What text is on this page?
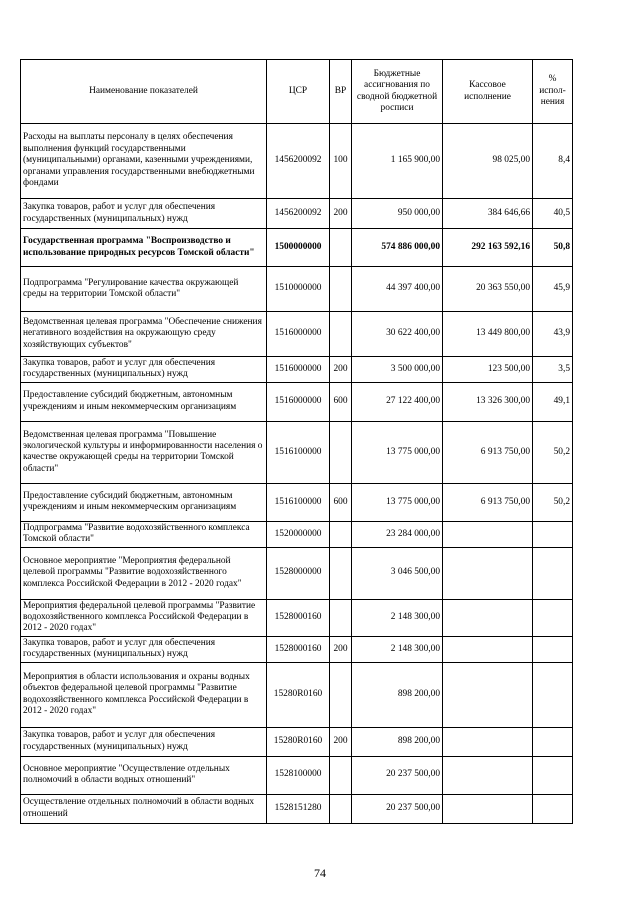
Наименование показателей	ЦСР	ВР	Бюджетные ассигнования по сводной бюджетной росписи	Кассовое исполнение	% испол-нения
Расходы на выплаты персоналу в целях обеспечения выполнения функций государственными (муниципальными) органами, казенными учреждениями, органами управления государственными внебюджетными фондами	1456200092	100	1 165 900,00	98 025,00	8,4
Закупка товаров, работ и услуг для обеспечения государственных (муниципальных) нужд	1456200092	200	950 000,00	384 646,66	40,5
Государственная программа "Воспроизводство и использование природных ресурсов Томской области"	1500000000		574 886 000,00	292 163 592,16	50,8
Подпрограмма "Регулирование качества окружающей среды на территории Томской области"	1510000000		44 397 400,00	20 363 550,00	45,9
Ведомственная целевая программа "Обеспечение снижения негативного воздействия на окружающую среду хозяйствующих субъектов"	1516000000		30 622 400,00	13 449 800,00	43,9
Закупка товаров, работ и услуг для обеспечения государственных (муниципальных) нужд	1516000000	200	3 500 000,00	123 500,00	3,5
Предоставление субсидий бюджетным, автономным учреждениям и иным некоммерческим организациям	1516000000	600	27 122 400,00	13 326 300,00	49,1
Ведомственная целевая программа "Повышение экологической культуры и информированности населения о качестве окружающей среды на территории Томской области"	1516100000		13 775 000,00	6 913 750,00	50,2
Предоставление субсидий бюджетным, автономным учреждениям и иным некоммерческим организациям	1516100000	600	13 775 000,00	6 913 750,00	50,2
Подпрограмма "Развитие водохозяйственного комплекса Томской области"	1520000000		23 284 000,00		
Основное мероприятие "Мероприятия федеральной целевой программы "Развитие водохозяйственного комплекса Российской Федерации в 2012 - 2020 годах"	1528000000		3 046 500,00		
Мероприятия федеральной целевой программы "Развитие водохозяйственного комплекса Российской Федерации в 2012 - 2020 годах"	1528000160		2 148 300,00		
Закупка товаров, работ и услуг для обеспечения государственных (муниципальных) нужд	1528000160	200	2 148 300,00		
Мероприятия в области использования и охраны водных объектов федеральной целевой программы "Развитие водохозяйственного комплекса Российской Федерации в 2012 - 2020 годах"	15280R0160		898 200,00		
Закупка товаров, работ и услуг для обеспечения государственных (муниципальных) нужд	15280R0160	200	898 200,00		
Основное мероприятие "Осуществление отдельных полномочий в области водных отношений"	1528100000		20 237 500,00		
Осуществление отдельных полномочий в области водных отношений	1528151280		20 237 500,00		
74
